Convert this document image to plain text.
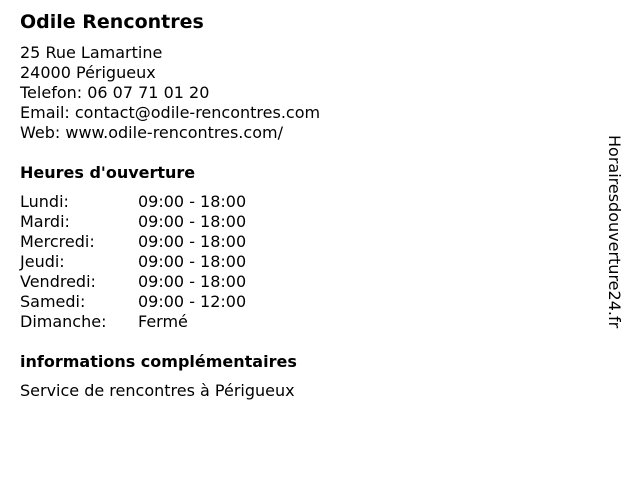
Odile Rencontres
25 Rue Lamartine
24000 Périgueux
Telefon: 06 07 71 01 20
Email: contact@odile-rencontres.com
Web: www.odile-rencontres.com/
Heures d'ouverture
Lundi:	09:00 - 18:00
Mardi:	09:00 - 18:00
Mercredi:	09:00 - 18:00
Jeudi:	09:00 - 18:00
Vendredi:	09:00 - 18:00
Samedi:	09:00 - 12:00
Dimanche: Fermé
informations complémentaires
Service de rencontres à Périgueux
Horairesdouverture24.fr
